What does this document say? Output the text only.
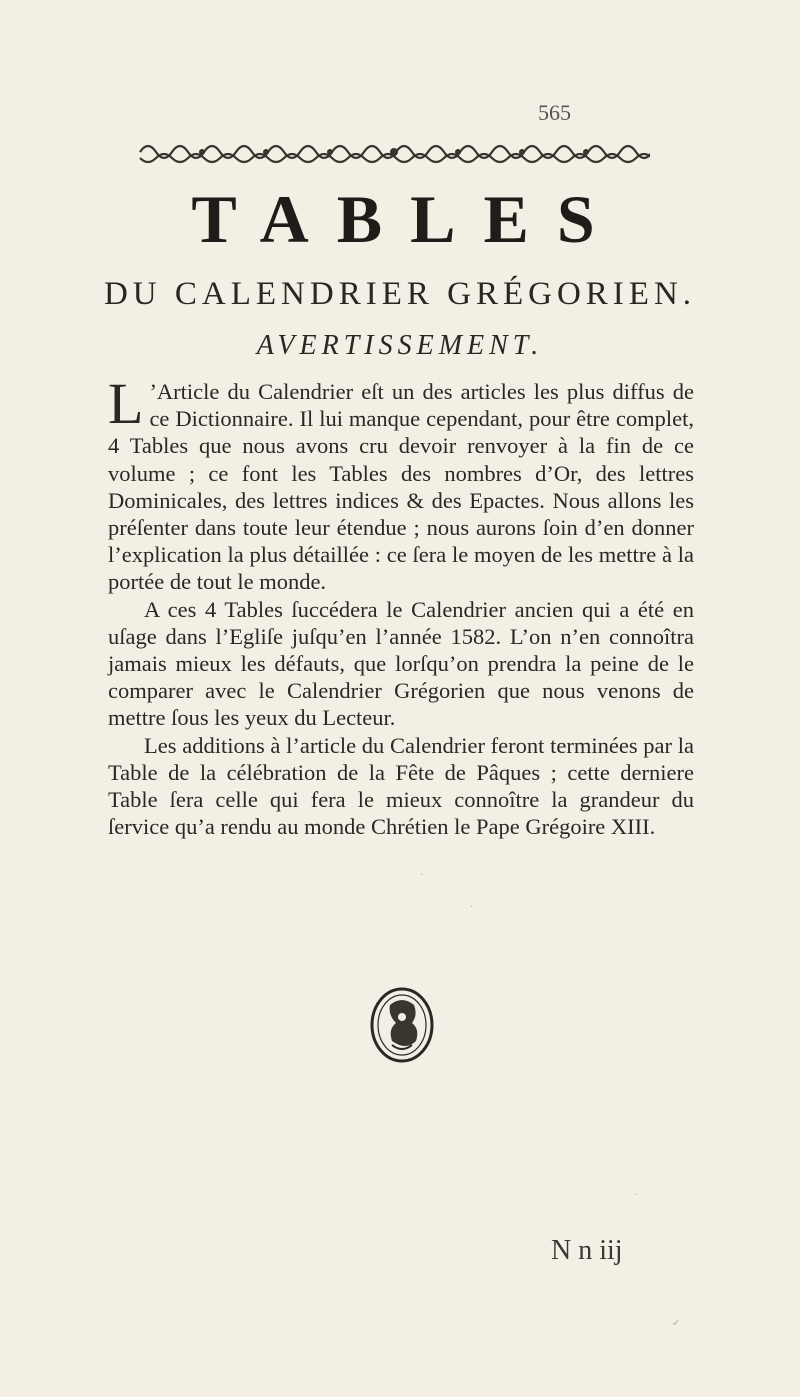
565
TABLES
DU CALENDRIER GRÉGORIEN.
AVERTISSEMENT.

L ’Article du Calendrier eſt un des articles les plus diffus de ce Dictionnaire. Il lui manque cependant, pour être complet, 4 Tables que nous avons cru devoir renvoyer à la fin de ce volume ; ce font les Tables des nombres d’Or, des lettres Dominicales, des lettres indices & des Epactes. Nous allons les préſenter dans toute leur étendue ; nous aurons ſoin d’en donner l’explication la plus détaillée : ce ſera le moyen de les mettre à la portée de tout le monde.

A ces 4 Tables ſuccédera le Calendrier ancien qui a été en uſage dans l’Egliſe juſqu’en l’année 1582. L’on n’en connoîtra jamais mieux les défauts, que lorſqu’on prendra la peine de le comparer avec le Calendrier Grégorien que nous venons de mettre ſous les yeux du Lecteur.

Les additions à l’article du Calendrier feront terminées par la Table de la célébration de la Fête de Pâques ; cette derniere Table ſera celle qui fera le mieux connoître la grandeur du ſervice qu’a rendu au monde Chrétien le Pape Grégoire XIII.

N n iij
·
·
·
✓
